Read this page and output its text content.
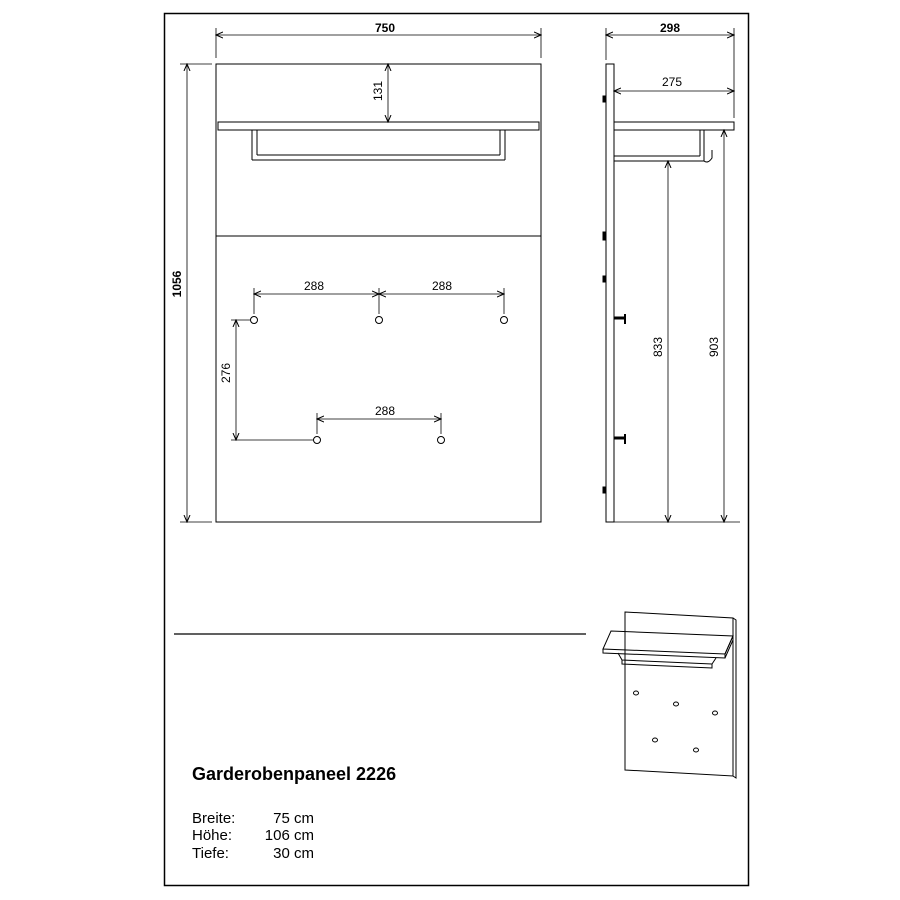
750
1056
131
288	288
288
276
298
275
833	903
Garderobenpaneel 2226
Breite:	75 cm
Höhe:	106 cm
Tiefe:	30 cm
